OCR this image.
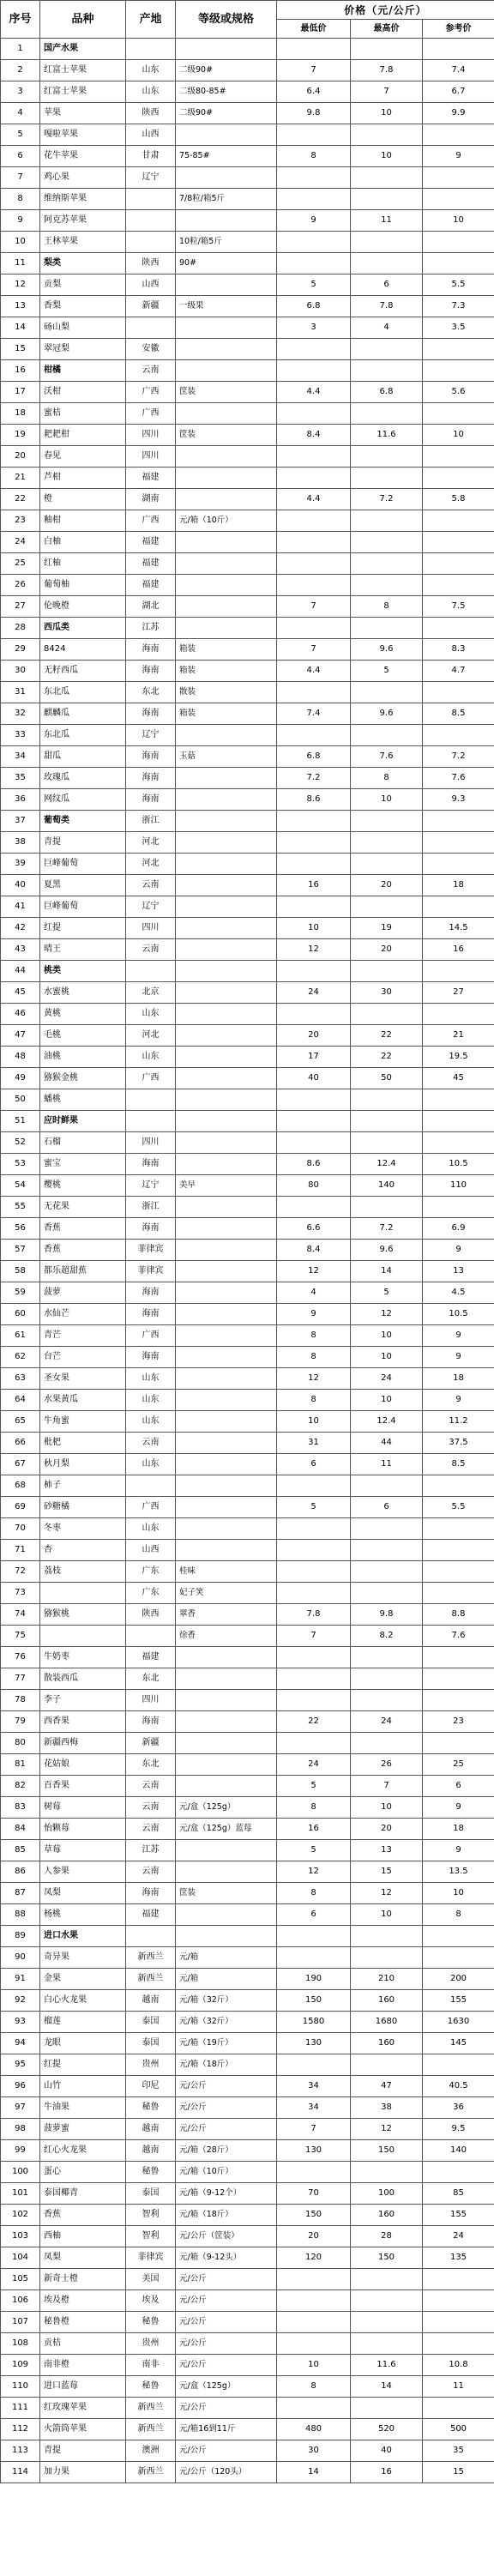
序号	品种	产地	等级或规格	价格（元/公斤）		
				最低价	最高价	参考价
1	国产水果					
2	红富士苹果	山东	二级90#	7	7.8	7.4
3	红富士苹果	山东	二级80-85#	6.4	7	6.7
4	苹果	陕西	二级90#	9.8	10	9.9
5	嘎啦苹果	山西				
6	花牛苹果	甘肃	75-85#	8	10	9
7	鸡心果	辽宁				
8	维纳斯苹果		7/8粒/箱5斤			
9	阿克苏苹果			9	11	10
10	王林苹果		10粒/箱5斤			
11	梨类	陕西	90#			
12	贡梨	山西		5	6	5.5
13	香梨	新疆	一级果	6.8	7.8	7.3
14	砀山梨			3	4	3.5
15	翠冠梨	安徽				
16	柑橘	云南				
17	沃柑	广西	筐装	4.4	6.8	5.6
18	蜜桔	广西				
19	耙耙柑	四川	筐装	8.4	11.6	10
20	春见	四川				
21	芦柑	福建				
22	橙	湖南		4.4	7.2	5.8
23	釉柑	广西	元/箱（10斤）			
24	白柚	福建				
25	红柚	福建				
26	葡萄柚	福建				
27	伦晚橙	湖北		7	8	7.5
28	西瓜类	江苏				
29	8424	海南	箱装	7	9.6	8.3
30	无籽西瓜	海南	箱装	4.4	5	4.7
31	东北瓜	东北	散装			
32	麒麟瓜	海南	箱装	7.4	9.6	8.5
33	东北瓜	辽宁				
34	甜瓜	海南	玉菇	6.8	7.6	7.2
35	玫瑰瓜	海南		7.2	8	7.6
36	网纹瓜	海南		8.6	10	9.3
37	葡萄类	浙江				
38	青提	河北				
39	巨峰葡萄	河北				
40	夏黑	云南		16	20	18
41	巨峰葡萄	辽宁				
42	红提	四川		10	19	14.5
43	晴王	云南		12	20	16
44	桃类					
45	水蜜桃	北京		24	30	27
46	黄桃	山东				
47	毛桃	河北		20	22	21
48	油桃	山东		17	22	19.5
49	猕猴金桃	广西		40	50	45
50	蟠桃					
51	应时鲜果					
52	石榴	四川				
53	蜜宝	海南		8.6	12.4	10.5
54	樱桃	辽宁	美早	80	140	110
55	无花果	浙江				
56	香蕉	海南		6.6	7.2	6.9
57	香蕉	菲律宾		8.4	9.6	9
58	都乐超甜蕉	菲律宾		12	14	13
59	菠萝	海南		4	5	4.5
60	水仙芒	海南		9	12	10.5
61	青芒	广西		8	10	9
62	台芒	海南		8	10	9
63	圣女果	山东		12	24	18
64	水果黄瓜	山东		8	10	9
65	牛角蜜	山东		10	12.4	11.2
66	枇杷	云南		31	44	37.5
67	秋月梨	山东		6	11	8.5
68	柿子					
69	砂糖橘	广西		5	6	5.5
70	冬枣	山东				
71	杏	山西				
72	荔枝	广东	桂味			
73		广东	妃子笑			
74	猕猴桃	陕西	翠香	7.8	9.8	8.8
75			徐香	7	8.2	7.6
76	牛奶枣	福建				
77	散装西瓜	东北				
78	李子	四川				
79	西香果	海南		22	24	23
80	新疆西梅	新疆				
81	花姑娘	东北		24	26	25
82	百香果	云南		5	7	6
83	树莓	云南	元/盒（125g）	8	10	9
84	怡颗莓	云南	元/盒（125g）蓝莓	16	20	18
85	草莓	江苏		5	13	9
86	人参果	云南		12	15	13.5
87	凤梨	海南	筐装	8	12	10
88	杨桃	福建		6	10	8
89	进口水果					
90	奇异果	新西兰	元/箱			
91	金果	新西兰	元/箱	190	210	200
92	白心火龙果	越南	元/箱（32斤）	150	160	155
93	榴莲	泰国	元/箱（32斤）	1580	1680	1630
94	龙眼	泰国	元/箱（19斤）	130	160	145
95	红提	贵州	元/箱（18斤）			
96	山竹	印尼	元/公斤	34	47	40.5
97	牛油果	秘鲁	元/公斤	34	38	36
98	菠萝蜜	越南	元/公斤	7	12	9.5
99	红心火龙果	越南	元/箱（28斤）	130	150	140
100	蛋心	秘鲁	元/箱（10斤）			
101	泰国椰青	泰国	元/箱（9-12个）	70	100	85
102	香蕉	智利	元/箱（18斤）	150	160	155
103	西柚	智利	元/公斤（筐装）	20	28	24
104	凤梨	菲律宾	元/箱（9-12头）	120	150	135
105	新奇士橙	美国	元/公斤			
106	埃及橙	埃及	元/公斤			
107	秘鲁橙	秘鲁	元/公斤			
108	贡桔	贵州	元/公斤			
109	南非橙	南非	元/公斤	10	11.6	10.8
110	进口蓝莓	秘鲁	元/盒（125g）	8	14	11
111	红玫瑰苹果	新西兰	元/公斤			
112	火箭筒苹果	新西兰	元/箱16到11斤	480	520	500
113	青提	澳洲	元/公斤	30	40	35
114	加力果	新西兰	元/公斤（120头）	14	16	15
